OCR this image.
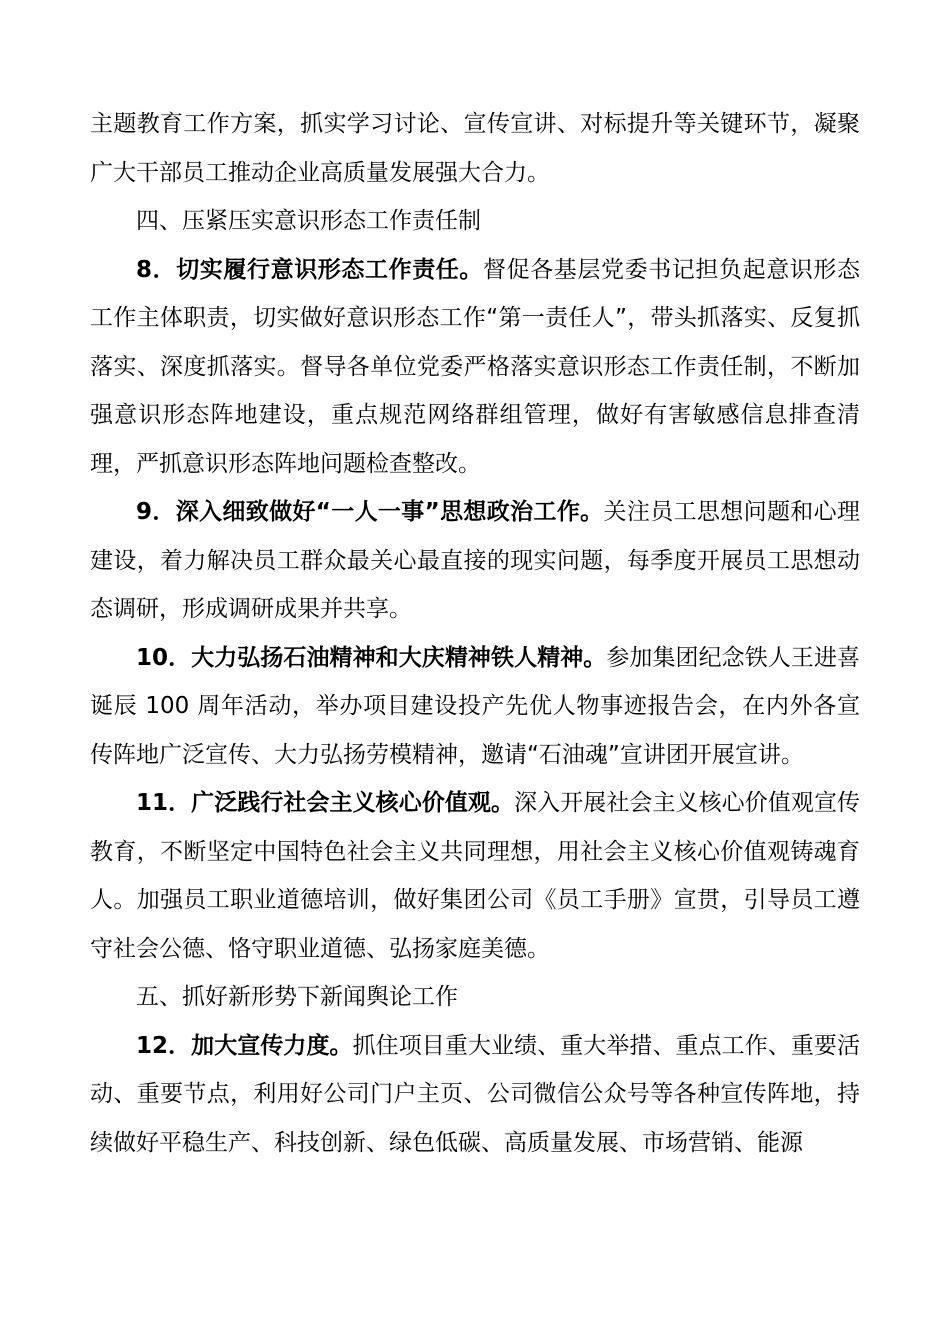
主题教育工作方案，抓实学习讨论、宣传宣讲、对标提升等关键环节，凝聚广大干部员工推动企业高质量发展强大合力。

四、压紧压实意识形态工作责任制

8．切实履行意识形态工作责任。督促各基层党委书记担负起意识形态工作主体职责，切实做好意识形态工作“第一责任人”，带头抓落实、反复抓落实、深度抓落实。督导各单位党委严格落实意识形态工作责任制，不断加强意识形态阵地建设，重点规范网络群组管理，做好有害敏感信息排查清理，严抓意识形态阵地问题检查整改。

9．深入细致做好“一人一事”思想政治工作。关注员工思想问题和心理建设，着力解决员工群众最关心最直接的现实问题，每季度开展员工思想动态调研，形成调研成果并共享。

10．大力弘扬石油精神和大庆精神铁人精神。参加集团纪念铁人王进喜诞辰 100 周年活动，举办项目建设投产先优人物事迹报告会，在内外各宣传阵地广泛宣传、大力弘扬劳模精神，邀请“石油魂”宣讲团开展宣讲。

11．广泛践行社会主义核心价值观。深入开展社会主义核心价值观宣传教育，不断坚定中国特色社会主义共同理想，用社会主义核心价值观铸魂育人。加强员工职业道德培训，做好集团公司《员工手册》宣贯，引导员工遵守社会公德、恪守职业道德、弘扬家庭美德。

五、抓好新形势下新闻舆论工作

12．加大宣传力度。抓住项目重大业绩、重大举措、重点工作、重要活动、重要节点，利用好公司门户主页、公司微信公众号等各种宣传阵地，持续做好平稳生产、科技创新、绿色低碳、高质量发展、市场营销、能源
